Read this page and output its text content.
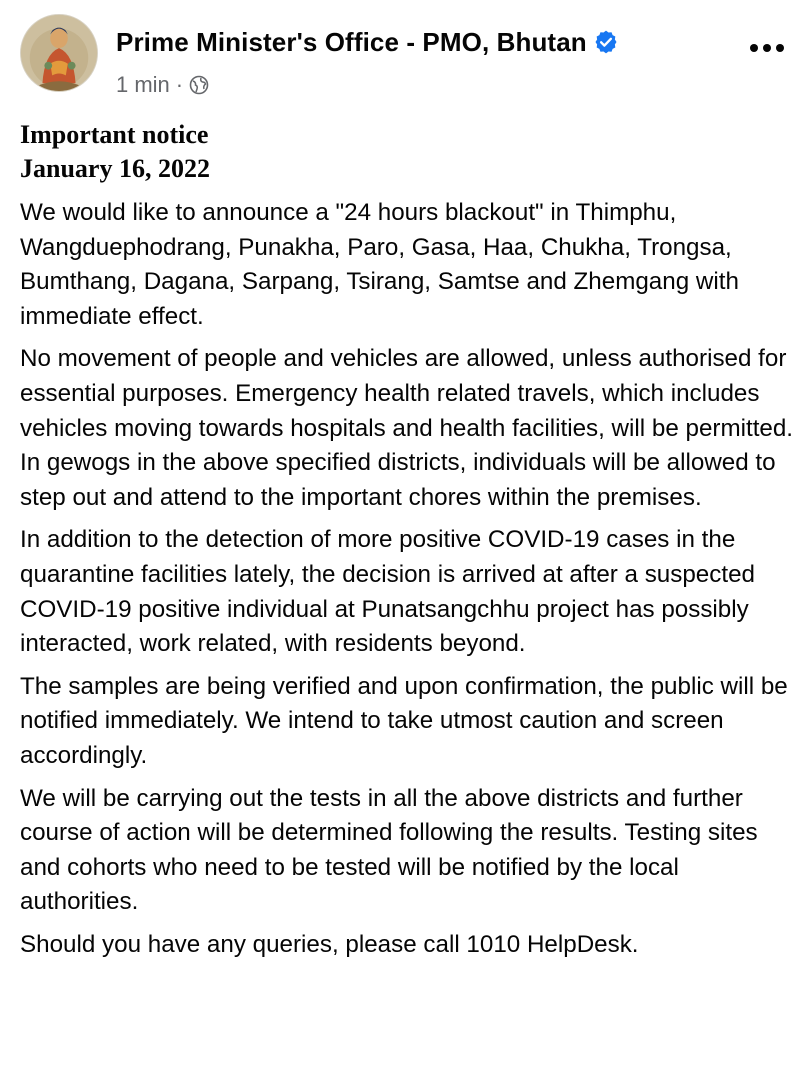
Prime Minister's Office - PMO, Bhutan
1 min ·
Important notice
January 16, 2022

We would like to announce a "24 hours blackout" in Thimphu, Wangduephodrang, Punakha, Paro, Gasa, Haa, Chukha, Trongsa, Bumthang, Dagana, Sarpang, Tsirang, Samtse and Zhemgang with immediate effect.

No movement of people and vehicles are allowed, unless authorised for essential purposes. Emergency health related travels, which includes vehicles moving towards hospitals and health facilities, will be permitted. In gewogs in the above specified districts, individuals will be allowed to step out and attend to the important chores within the premises.

In addition to the detection of more positive COVID-19 cases in the quarantine facilities lately, the decision is arrived at after a suspected COVID-19 positive individual at Punatsangchhu project has possibly interacted, work related, with residents beyond.

The samples are being verified and upon confirmation, the public will be notified immediately. We intend to take utmost caution and screen accordingly.

We will be carrying out the tests in all the above districts and further course of action will be determined following the results. Testing sites and cohorts who need to be tested will be notified by the local authorities.

Should you have any queries, please call 1010 HelpDesk.
